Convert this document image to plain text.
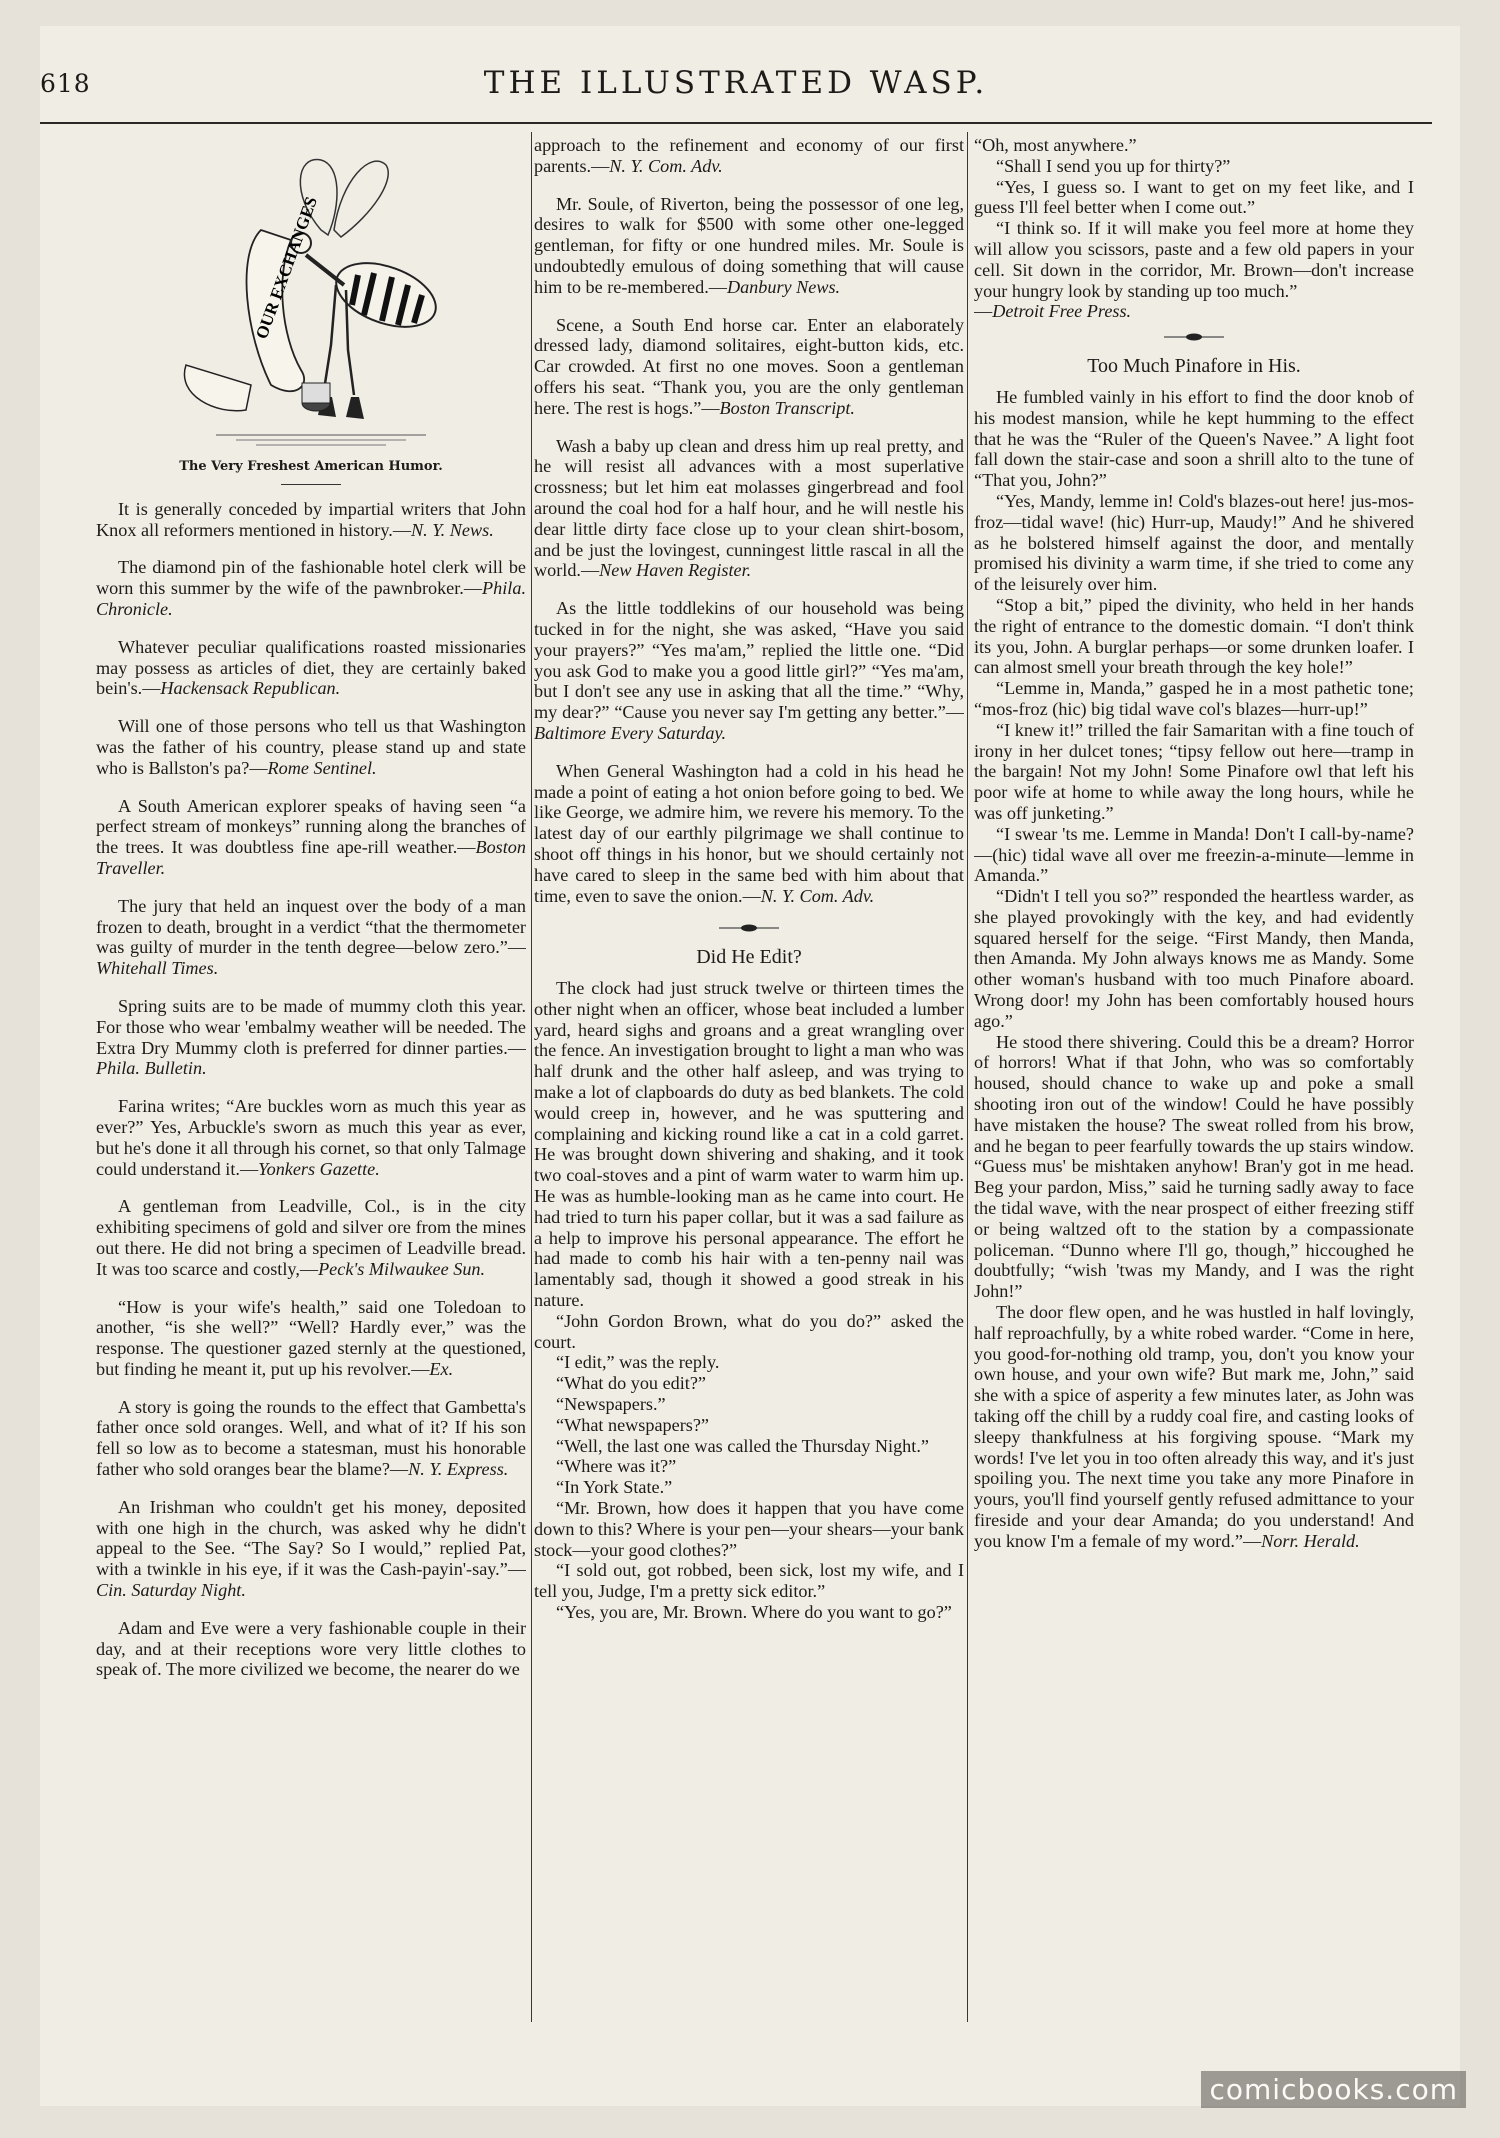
618	THE ILLUSTRATED WASP.
OUR EXCHANGES
The Very Freshest American Humor.

It is generally conceded by impartial writers that John Knox all reformers mentioned in history.—N. Y. News.

The diamond pin of the fashionable hotel clerk will be worn this summer by the wife of the pawnbroker.—Phila. Chronicle.

Whatever peculiar qualifications roasted missionaries may possess as articles of diet, they are certainly baked bein's.—Hackensack Republican.

Will one of those persons who tell us that Washington was the father of his country, please stand up and state who is Ballston's pa?—Rome Sentinel.

A South American explorer speaks of having seen “a perfect stream of monkeys” running along the branches of the trees. It was doubtless fine ape-rill weather.—Boston Traveller.

The jury that held an inquest over the body of a man frozen to death, brought in a verdict “that the thermometer was guilty of murder in the tenth degree—below zero.”—Whitehall Times.

Spring suits are to be made of mummy cloth this year. For those who wear 'embalmy weather will be needed. The Extra Dry Mummy cloth is preferred for dinner parties.—Phila. Bulletin.

Farina writes; “Are buckles worn as much this year as ever?” Yes, Arbuckle's sworn as much this year as ever, but he's done it all through his cornet, so that only Talmage could understand it.—Yonkers Gazette.

A gentleman from Leadville, Col., is in the city exhibiting specimens of gold and silver ore from the mines out there. He did not bring a specimen of Leadville bread. It was too scarce and costly,—Peck's Milwaukee Sun.

“How is your wife's health,” said one Toledoan to another, “is she well?” “Well? Hardly ever,” was the response. The questioner gazed sternly at the questioned, but finding he meant it, put up his revolver.—Ex.

A story is going the rounds to the effect that Gambetta's father once sold oranges. Well, and what of it? If his son fell so low as to become a statesman, must his honorable father who sold oranges bear the blame?—N. Y. Express.

An Irishman who couldn't get his money, deposited with one high in the church, was asked why he didn't appeal to the See. “The Say? So I would,” replied Pat, with a twinkle in his eye, if it was the Cash-payin'-say.”—Cin. Saturday Night.

Adam and Eve were a very fashionable couple in their day, and at their receptions wore very little clothes to speak of. The more civilized we become, the nearer do we

approach to the refinement and economy of our first parents.—N. Y. Com. Adv.

Mr. Soule, of Riverton, being the possessor of one leg, desires to walk for $500 with some other one-legged gentleman, for fifty or one hundred miles. Mr. Soule is undoubtedly emulous of doing something that will cause him to be re-membered.—Danbury News.

Scene, a South End horse car. Enter an elaborately dressed lady, diamond solitaires, eight-button kids, etc. Car crowded. At first no one moves. Soon a gentleman offers his seat. “Thank you, you are the only gentleman here. The rest is hogs.”—Boston Transcript.

Wash a baby up clean and dress him up real pretty, and he will resist all advances with a most superlative crossness; but let him eat molasses gingerbread and fool around the coal hod for a half hour, and he will nestle his dear little dirty face close up to your clean shirt-bosom, and be just the lovingest, cunningest little rascal in all the world.—New Haven Register.

As the little toddlekins of our household was being tucked in for the night, she was asked, “Have you said your prayers?” “Yes ma'am,” replied the little one. “Did you ask God to make you a good little girl?” “Yes ma'am, but I don't see any use in asking that all the time.” “Why, my dear?” “Cause you never say I'm getting any better.”—Baltimore Every Saturday.

When General Washington had a cold in his head he made a point of eating a hot onion before going to bed. We like George, we admire him, we revere his memory. To the latest day of our earthly pilgrimage we shall continue to shoot off things in his honor, but we should certainly not have cared to sleep in the same bed with him about that time, even to save the onion.—N. Y. Com. Adv.

Did He Edit?

The clock had just struck twelve or thirteen times the other night when an officer, whose beat included a lumber yard, heard sighs and groans and a great wrangling over the fence. An investigation brought to light a man who was half drunk and the other half asleep, and was trying to make a lot of clapboards do duty as bed blankets. The cold would creep in, however, and he was sputtering and complaining and kicking round like a cat in a cold garret. He was brought down shivering and shaking, and it took two coal-stoves and a pint of warm water to warm him up. He was as humble-looking man as he came into court. He had tried to turn his paper collar, but it was a sad failure as a help to improve his personal appearance. The effort he had made to comb his hair with a ten-penny nail was lamentably sad, though it showed a good streak in his nature.

“John Gordon Brown, what do you do?” asked the court.

“I edit,” was the reply.

“What do you edit?”

“Newspapers.”

“What newspapers?”

“Well, the last one was called the Thursday Night.”

“Where was it?”

“In York State.”

“Mr. Brown, how does it happen that you have come down to this? Where is your pen—your shears—your bank stock—your good clothes?”

“I sold out, got robbed, been sick, lost my wife, and I tell you, Judge, I'm a pretty sick editor.”

“Yes, you are, Mr. Brown. Where do you want to go?”

“Oh, most anywhere.”

“Shall I send you up for thirty?”

“Yes, I guess so. I want to get on my feet like, and I guess I'll feel better when I come out.”

“I think so. If it will make you feel more at home they will allow you scissors, paste and a few old papers in your cell. Sit down in the corridor, Mr. Brown—don't increase your hungry look by standing up too much.”

—Detroit Free Press.

Too Much Pinafore in His.

He fumbled vainly in his effort to find the door knob of his modest mansion, while he kept humming to the effect that he was the “Ruler of the Queen's Navee.” A light foot fall down the stair-case and soon a shrill alto to the tune of “That you, John?”

“Yes, Mandy, lemme in! Cold's blazes-out here! jus-mos-froz—tidal wave! (hic) Hurr-up, Maudy!” And he shivered as he bolstered himself against the door, and mentally promised his divinity a warm time, if she tried to come any of the leisurely over him.

“Stop a bit,” piped the divinity, who held in her hands the right of entrance to the domestic domain. “I don't think its you, John. A burglar perhaps—or some drunken loafer. I can almost smell your breath through the key hole!”

“Lemme in, Manda,” gasped he in a most pathetic tone; “mos-froz (hic) big tidal wave col's blazes—hurr-up!”

“I knew it!” trilled the fair Samaritan with a fine touch of irony in her dulcet tones; “tipsy fellow out here—tramp in the bargain! Not my John! Some Pinafore owl that left his poor wife at home to while away the long hours, while he was off junketing.”

“I swear 'ts me. Lemme in Manda! Don't I call-by-name?—(hic) tidal wave all over me freezin-a-minute—lemme in Amanda.”

“Didn't I tell you so?” responded the heartless warder, as she played provokingly with the key, and had evidently squared herself for the seige. “First Mandy, then Manda, then Amanda. My John always knows me as Mandy. Some other woman's husband with too much Pinafore aboard. Wrong door! my John has been comfortably housed hours ago.”

He stood there shivering. Could this be a dream? Horror of horrors! What if that John, who was so comfortably housed, should chance to wake up and poke a small shooting iron out of the window! Could he have possibly have mistaken the house? The sweat rolled from his brow, and he began to peer fearfully towards the up stairs window. “Guess mus' be mishtaken anyhow! Bran'y got in me head. Beg your pardon, Miss,” said he turning sadly away to face the tidal wave, with the near prospect of either freezing stiff or being waltzed oft to the station by a compassionate policeman. “Dunno where I'll go, though,” hiccoughed he doubtfully; “wish 'twas my Mandy, and I was the right John!”

The door flew open, and he was hustled in half lovingly, half reproachfully, by a white robed warder. “Come in here, you good-for-nothing old tramp, you, don't you know your own house, and your own wife? But mark me, John,” said she with a spice of asperity a few minutes later, as John was taking off the chill by a ruddy coal fire, and casting looks of sleepy thankfulness at his forgiving spouse. “Mark my words! I've let you in too often already this way, and it's just spoiling you. The next time you take any more Pinafore in yours, you'll find yourself gently refused admittance to your fireside and your dear Amanda; do you understand! And you know I'm a female of my word.”—Norr. Herald.

comicbooks.com
